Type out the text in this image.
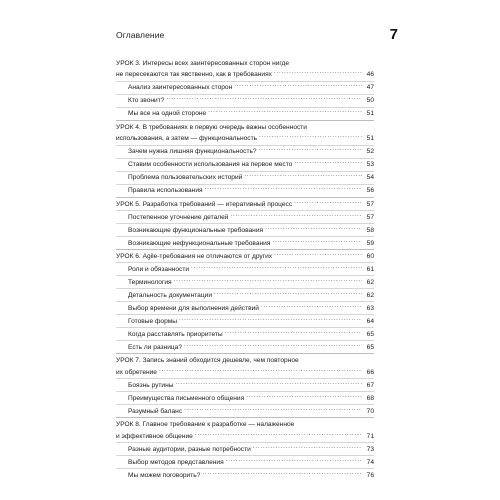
Оглавление	7
УРОК 3. Интересы всех заинтересованных сторон нигде
не пересекаются так явственно, как в требованиях . . .	46
Анализ заинтересованных сторон . . .	47
Кто звонит? . . .	50
Мы все на одной стороне . . .	51
УРОК 4. В требованиях в первую очередь важны особенности
использования, а затем — функциональность . . .	51
Зачем нужна лишняя функциональность? . . .	52
Ставим особенности использования на первое место . . .	53
Проблема пользовательских историй . . .	54
Правила использования . . .	56
УРОК 5. Разработка требований — итеративный процесс . . .	57
Постепенное уточнение деталей . . .	57
Возникающие функциональные требования . . .	58
Возникающие нефункциональные требования . . .	59
УРОК 6. Agile-требования не отличаются от других . . .	60
Роли и обязанности . . .	61
Терминология . . .	62
Детальность документации . . .	62
Выбор времени для выполнения действий . . .	63
Готовые формы . . .	64
Когда расставлять приоритеты . . .	65
Есть ли разница? . . .	65
УРОК 7. Запись знаний обходится дешевле, чем повторное
их обретение . . .	66
Боязнь рутины . . .	67
Преимущества письменного общения . . .	68
Разумный баланс . . .	70
УРОК 8. Главное требование к разработке — налаженное
и эффективное общение . . .	71
Разные аудитории, разные потребности . . .	73
Выбор методов представления . . .	74
Мы можем поговорить? . . .	76
